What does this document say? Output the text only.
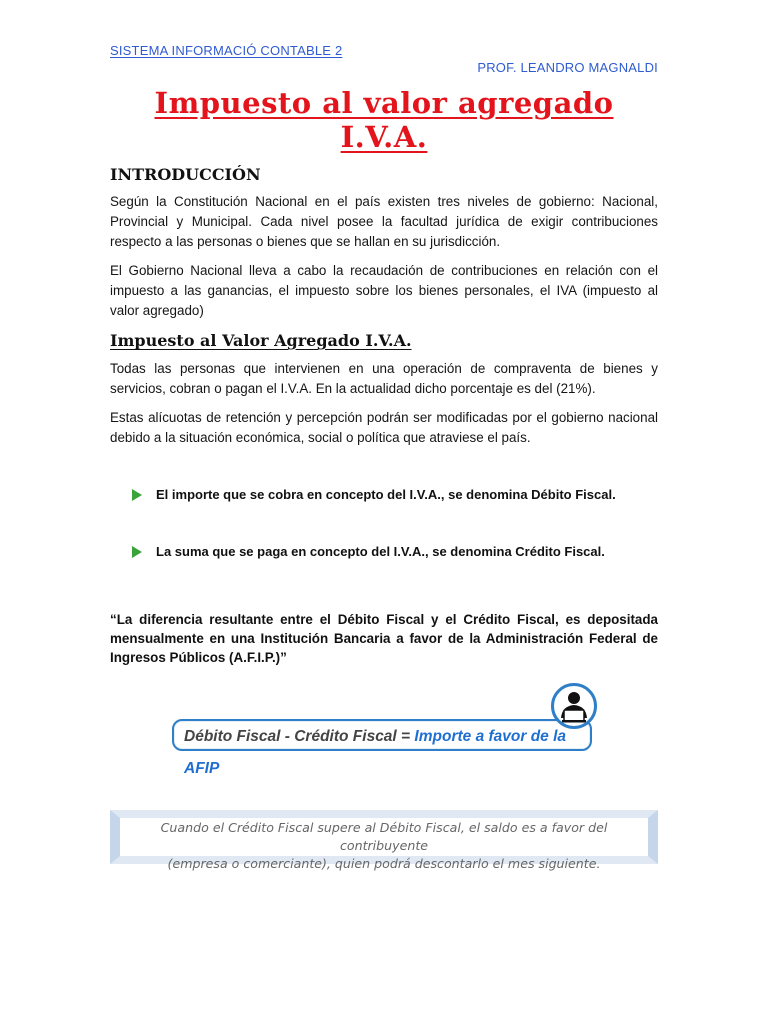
SISTEMA INFORMACIÓ CONTABLE 2
PROF. LEANDRO MAGNALDI
Impuesto al valor agregado
I.V.A.
INTRODUCCIÓN
Según la Constitución Nacional en el país existen tres niveles de gobierno: Nacional, Provincial y Municipal. Cada nivel posee la facultad jurídica de exigir contribuciones respecto a las personas o bienes que se hallan en su jurisdicción.
El Gobierno Nacional lleva a cabo la recaudación de contribuciones en relación con el impuesto a las ganancias, el impuesto sobre los bienes personales, el IVA (impuesto al valor agregado)
Impuesto al Valor Agregado I.V.A.
Todas las personas que intervienen en una operación de compraventa de bienes y servicios, cobran o pagan el I.V.A. En la actualidad dicho porcentaje es del (21%).
Estas alícuotas de retención y percepción podrán ser modificadas por el gobierno nacional debido a la situación económica, social o política que atraviese el país.
El importe que se cobra en concepto del I.V.A., se denomina Débito Fiscal.
La suma que se paga en concepto del I.V.A., se denomina Crédito Fiscal.
“La diferencia resultante entre el Débito Fiscal y el Crédito Fiscal, es depositada mensualmente en una Institución Bancaria a favor de la Administración Federal de Ingresos Públicos (A.F.I.P.)”
Débito Fiscal - Crédito Fiscal = Importe a favor de la AFIP
Cuando el Crédito Fiscal supere al Débito Fiscal, el saldo es a favor del contribuyente
(empresa o comerciante), quien podrá descontarlo el mes siguiente.
